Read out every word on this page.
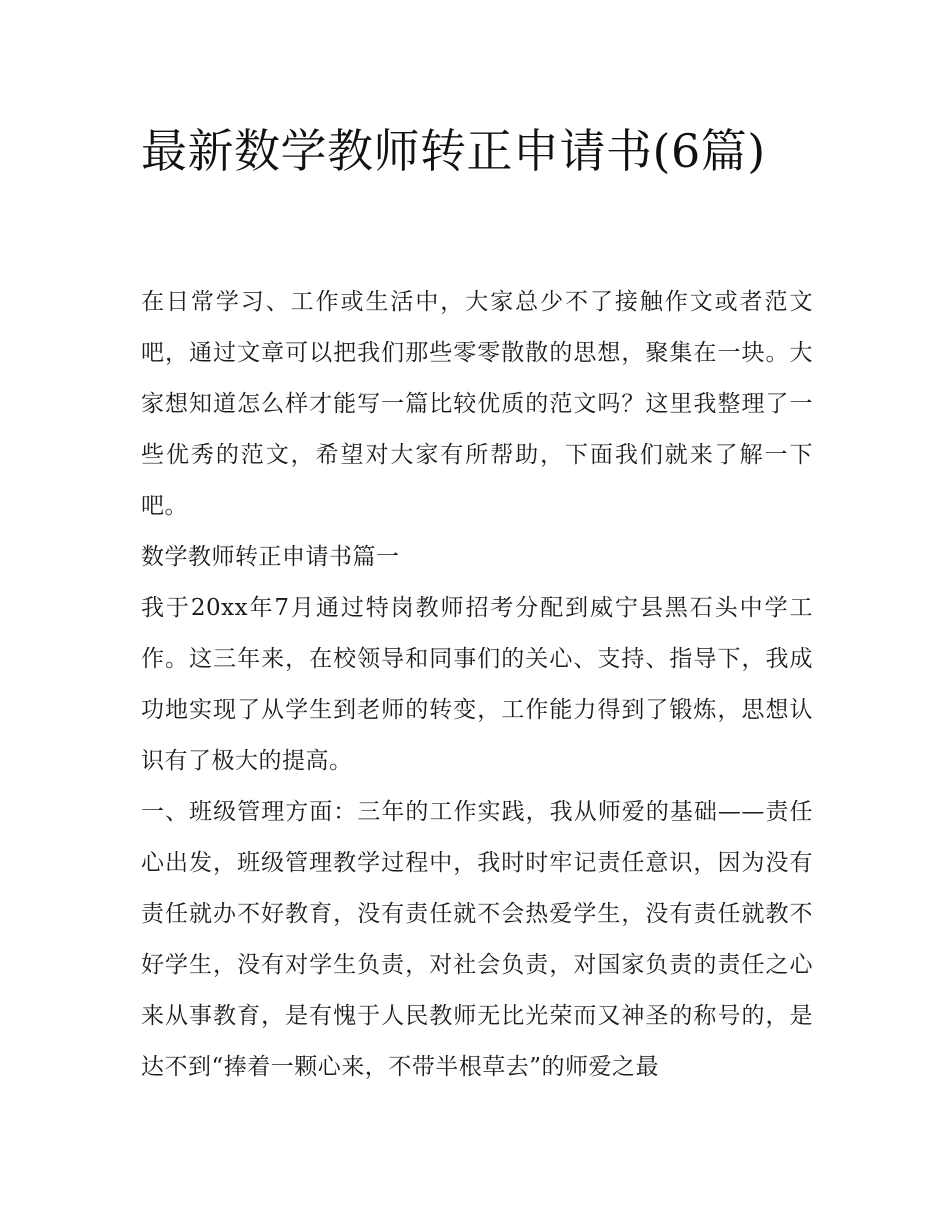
最新数学教师转正申请书(6篇)

在日常学习、工作或生活中，大家总少不了接触作文或者范文吧，通过文章可以把我们那些零零散散的思想，聚集在一块。大家想知道怎么样才能写一篇比较优质的范文吗？这里我整理了一些优秀的范文，希望对大家有所帮助，下面我们就来了解一下吧。

数学教师转正申请书篇一

我于20xx年7月通过特岗教师招考分配到威宁县黑石头中学工作。这三年来，在校领导和同事们的关心、支持、指导下，我成功地实现了从学生到老师的转变，工作能力得到了锻炼，思想认识有了极大的提高。

一、班级管理方面：三年的工作实践，我从师爱的基础——责任心出发，班级管理教学过程中，我时时牢记责任意识，因为没有责任就办不好教育，没有责任就不会热爱学生，没有责任就教不好学生，没有对学生负责，对社会负责，对国家负责的责任之心来从事教育，是有愧于人民教师无比光荣而又神圣的称号的，是达不到“捧着一颗心来，不带半根草去”的师爱之最
